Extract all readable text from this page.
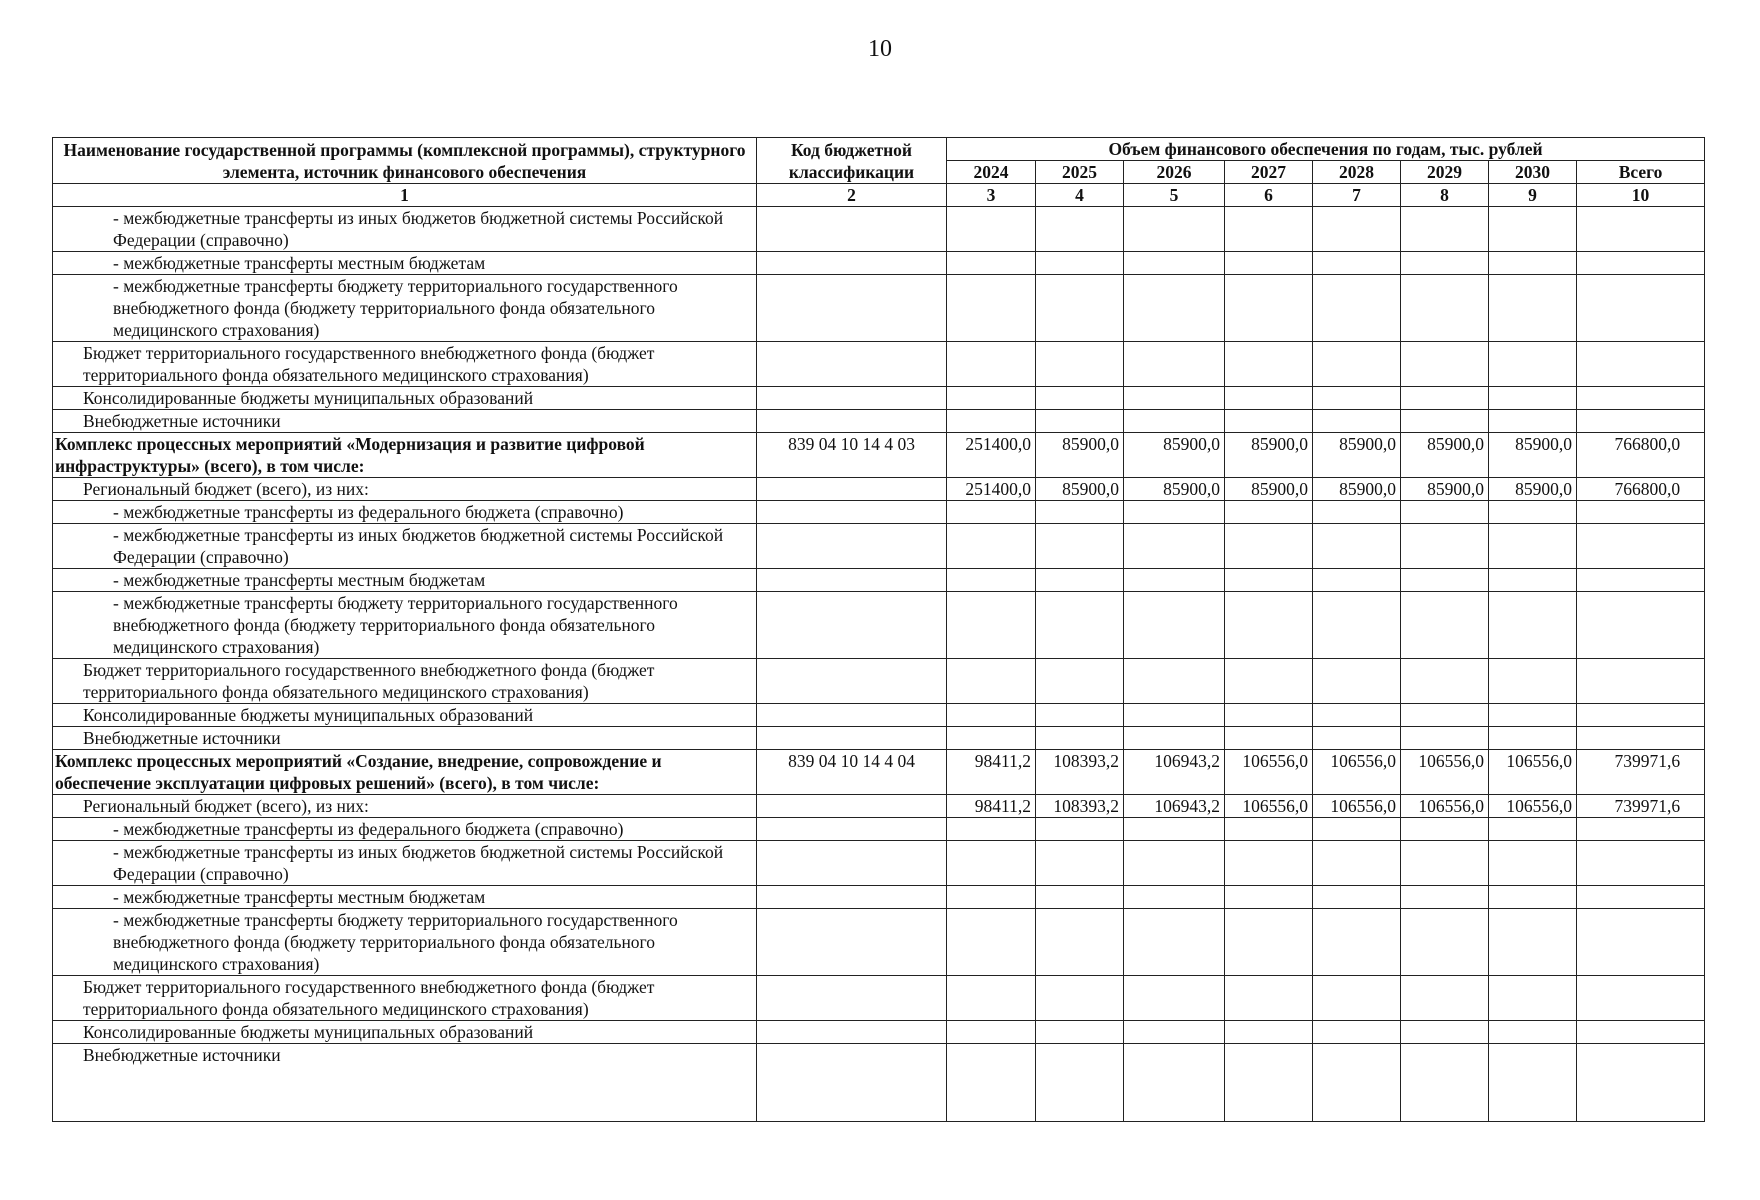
10
Наименование государственной программы (комплексной программы), структурного элемента, источник финансового обеспечения	Код бюджетной классификации	Объем финансового обеспечения по годам, тыс. рублей							
		2024	2025	2026	2027	2028	2029	2030	Всего
1	2	3	4	5	6	7	8	9	10
- межбюджетные трансферты из иных бюджетов бюджетной системы Российской Федерации (справочно)									
- межбюджетные трансферты местным бюджетам									
- межбюджетные трансферты бюджету территориального государственного внебюджетного фонда (бюджету территориального фонда обязательного медицинского страхования)									
Бюджет территориального государственного внебюджетного фонда (бюджет территориального фонда обязательного медицинского страхования)									
Консолидированные бюджеты муниципальных образований									
Внебюджетные источники									
Комплекс процессных мероприятий «Модернизация и развитие цифровой инфраструктуры» (всего), в том числе:	839 04 10 14 4 03	251400,0	85900,0	85900,0	85900,0	85900,0	85900,0	85900,0	766800,0
Региональный бюджет (всего), из них:		251400,0	85900,0	85900,0	85900,0	85900,0	85900,0	85900,0	766800,0
- межбюджетные трансферты из федерального бюджета (справочно)									
- межбюджетные трансферты из иных бюджетов бюджетной системы Российской Федерации (справочно)									
- межбюджетные трансферты местным бюджетам									
- межбюджетные трансферты бюджету территориального государственного внебюджетного фонда (бюджету территориального фонда обязательного медицинского страхования)									
Бюджет территориального государственного внебюджетного фонда (бюджет территориального фонда обязательного медицинского страхования)									
Консолидированные бюджеты муниципальных образований									
Внебюджетные источники									
Комплекс процессных мероприятий «Создание, внедрение, сопровождение и обеспечение эксплуатации цифровых решений» (всего), в том числе:	839 04 10 14 4 04	98411,2	108393,2	106943,2	106556,0	106556,0	106556,0	106556,0	739971,6
Региональный бюджет (всего), из них:		98411,2	108393,2	106943,2	106556,0	106556,0	106556,0	106556,0	739971,6
- межбюджетные трансферты из федерального бюджета (справочно)									
- межбюджетные трансферты из иных бюджетов бюджетной системы Российской Федерации (справочно)									
- межбюджетные трансферты местным бюджетам									
- межбюджетные трансферты бюджету территориального государственного внебюджетного фонда (бюджету территориального фонда обязательного медицинского страхования)									
Бюджет территориального государственного внебюджетного фонда (бюджет территориального фонда обязательного медицинского страхования)									
Консолидированные бюджеты муниципальных образований									
Внебюджетные источники									
